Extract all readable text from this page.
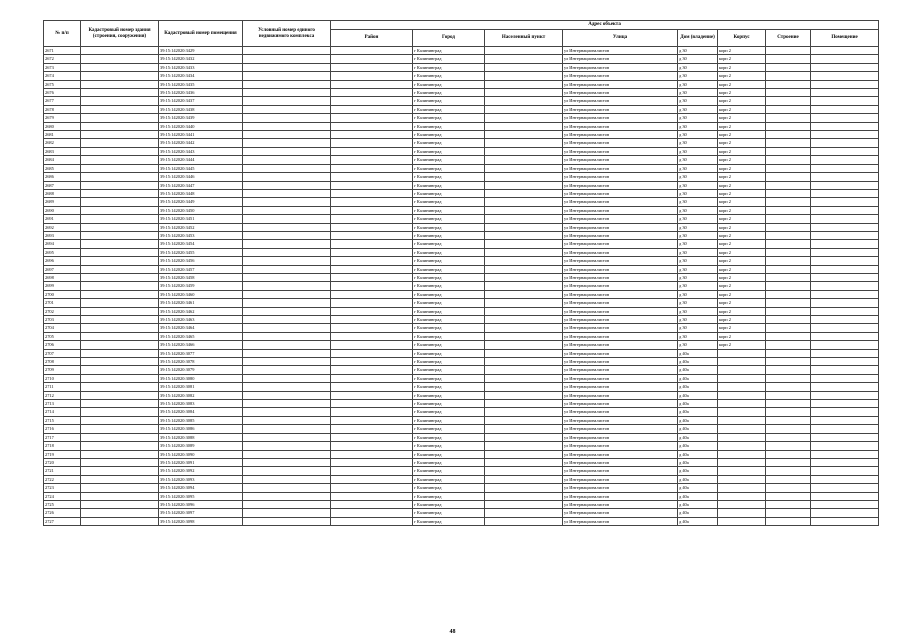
№ п/п	Кадастровый номер здания (строения, сооружения)	Кадастровый номер помещения	Условный номер единого недвижимого комплекса	Адрес объекта							
				Район	Город	Населенный пункт	Улица	Дом (владение)	Корпус	Строение	Помещение
2671		39:15:142020:3429			г Калининград		ул Интернационалистов	д 30	корп 2		
2672		39:15:142020:3432			г Калининград		ул Интернационалистов	д 30	корп 2		
2673		39:15:142020:3433			г Калининград		ул Интернационалистов	д 30	корп 2		
2674		39:15:142020:3434			г Калининград		ул Интернационалистов	д 30	корп 2		
2675		39:15:142020:3435			г Калининград		ул Интернационалистов	д 30	корп 2		
2676		39:15:142020:3436			г Калининград		ул Интернационалистов	д 30	корп 2		
2677		39:15:142020:3437			г Калининград		ул Интернационалистов	д 30	корп 2		
2678		39:15:142020:3438			г Калининград		ул Интернационалистов	д 30	корп 2		
2679		39:15:142020:3439			г Калининград		ул Интернационалистов	д 30	корп 2		
2680		39:15:142020:3440			г Калининград		ул Интернационалистов	д 30	корп 2		
2681		39:15:142020:3441			г Калининград		ул Интернационалистов	д 30	корп 2		
2682		39:15:142020:3442			г Калининград		ул Интернационалистов	д 30	корп 2		
2683		39:15:142020:3443			г Калининград		ул Интернационалистов	д 30	корп 2		
2684		39:15:142020:3444			г Калининград		ул Интернационалистов	д 30	корп 2		
2685		39:15:142020:3445			г Калининград		ул Интернационалистов	д 30	корп 2		
2686		39:15:142020:3446			г Калининград		ул Интернационалистов	д 30	корп 2		
2687		39:15:142020:3447			г Калининград		ул Интернационалистов	д 30	корп 2		
2688		39:15:142020:3448			г Калининград		ул Интернационалистов	д 30	корп 2		
2689		39:15:142020:3449			г Калининград		ул Интернационалистов	д 30	корп 2		
2690		39:15:142020:3450			г Калининград		ул Интернационалистов	д 30	корп 2		
2691		39:15:142020:3451			г Калининград		ул Интернационалистов	д 30	корп 2		
2692		39:15:142020:3452			г Калининград		ул Интернационалистов	д 30	корп 2		
2693		39:15:142020:3453			г Калининград		ул Интернационалистов	д 30	корп 2		
2694		39:15:142020:3454			г Калининград		ул Интернационалистов	д 30	корп 2		
2695		39:15:142020:3455			г Калининград		ул Интернационалистов	д 30	корп 2		
2696		39:15:142020:3456			г Калининград		ул Интернационалистов	д 30	корп 2		
2697		39:15:142020:3457			г Калининград		ул Интернационалистов	д 30	корп 2		
2698		39:15:142020:3458			г Калининград		ул Интернационалистов	д 30	корп 2		
2699		39:15:142020:3459			г Калининград		ул Интернационалистов	д 30	корп 2		
2700		39:15:142020:3460			г Калининград		ул Интернационалистов	д 30	корп 2		
2701		39:15:142020:3461			г Калининград		ул Интернационалистов	д 30	корп 2		
2702		39:15:142020:3462			г Калининград		ул Интернационалистов	д 30	корп 2		
2703		39:15:142020:3463			г Калининград		ул Интернационалистов	д 30	корп 2		
2704		39:15:142020:3464			г Калининград		ул Интернационалистов	д 30	корп 2		
2705		39:15:142020:3465			г Калининград		ул Интернационалистов	д 30	корп 2		
2706		39:15:142020:3466			г Калининград		ул Интернационалистов	д 30	корп 2		
2707		39:15:142020:3077			г Калининград		ул Интернационалистов	д 40а			
2708		39:15:142020:3078			г Калининград		ул Интернационалистов	д 40а			
2709		39:15:142020:3079			г Калининград		ул Интернационалистов	д 40а			
2710		39:15:142020:3080			г Калининград		ул Интернационалистов	д 40а			
2711		39:15:142020:3081			г Калининград		ул Интернационалистов	д 40а			
2712		39:15:142020:3082			г Калининград		ул Интернационалистов	д 40а			
2713		39:15:142020:3083			г Калининград		ул Интернационалистов	д 40а			
2714		39:15:142020:3084			г Калининград		ул Интернационалистов	д 40а			
2715		39:15:142020:3085			г Калининград		ул Интернационалистов	д 40а			
2716		39:15:142020:3086			г Калининград		ул Интернационалистов	д 40а			
2717		39:15:142020:3088			г Калининград		ул Интернационалистов	д 40а			
2718		39:15:142020:3089			г Калининград		ул Интернационалистов	д 40а			
2719		39:15:142020:3090			г Калининград		ул Интернационалистов	д 40а			
2720		39:15:142020:3091			г Калининград		ул Интернационалистов	д 40а			
2721		39:15:142020:3092			г Калининград		ул Интернационалистов	д 40а			
2722		39:15:142020:3093			г Калининград		ул Интернационалистов	д 40а			
2723		39:15:142020:3094			г Калининград		ул Интернационалистов	д 40а			
2724		39:15:142020:3095			г Калининград		ул Интернационалистов	д 40а			
2725		39:15:142020:3096			г Калининград		ул Интернационалистов	д 40а			
2726		39:15:142020:3097			г Калининград		ул Интернационалистов	д 40а			
2727		39:15:142020:3098			г Калининград		ул Интернационалистов	д 40а			
48
